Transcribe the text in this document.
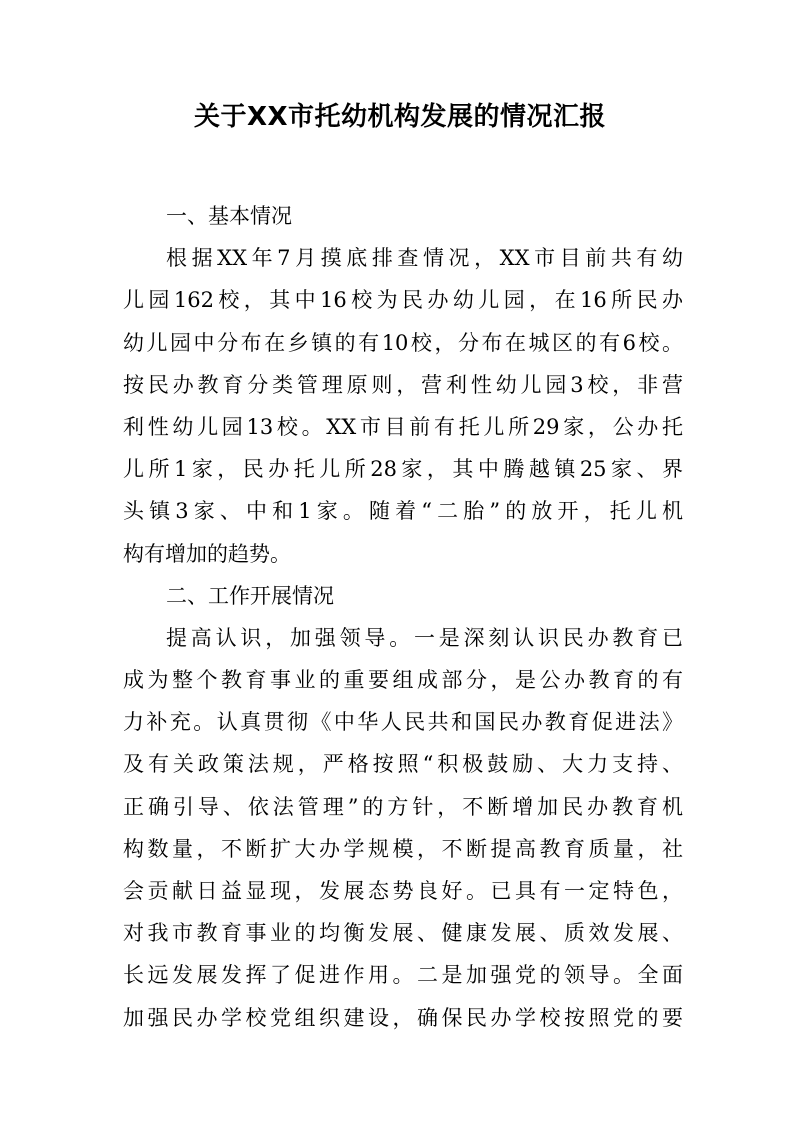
关于XX市托幼机构发展的情况汇报
一、基本情况
根据XX年7月摸底排查情况，XX市目前共有幼
儿园162校，其中16校为民办幼儿园，在16所民办
幼儿园中分布在乡镇的有10校，分布在城区的有6校。
按民办教育分类管理原则，营利性幼儿园3校，非营
利性幼儿园13校。XX市目前有托儿所29家，公办托
儿所1家，民办托儿所28家，其中腾越镇25家、界
头镇3家、中和1家。随着“二胎”的放开，托儿机
构有增加的趋势。
二、工作开展情况
提高认识，加强领导。一是深刻认识民办教育已
成为整个教育事业的重要组成部分，是公办教育的有
力补充。认真贯彻《中华人民共和国民办教育促进法》
及有关政策法规，严格按照“积极鼓励、大力支持、
正确引导、依法管理”的方针，不断增加民办教育机
构数量，不断扩大办学规模，不断提高教育质量，社
会贡献日益显现，发展态势良好。已具有一定特色，
对我市教育事业的均衡发展、健康发展、质效发展、
长远发展发挥了促进作用。二是加强党的领导。全面
加强民办学校党组织建设，确保民办学校按照党的要
